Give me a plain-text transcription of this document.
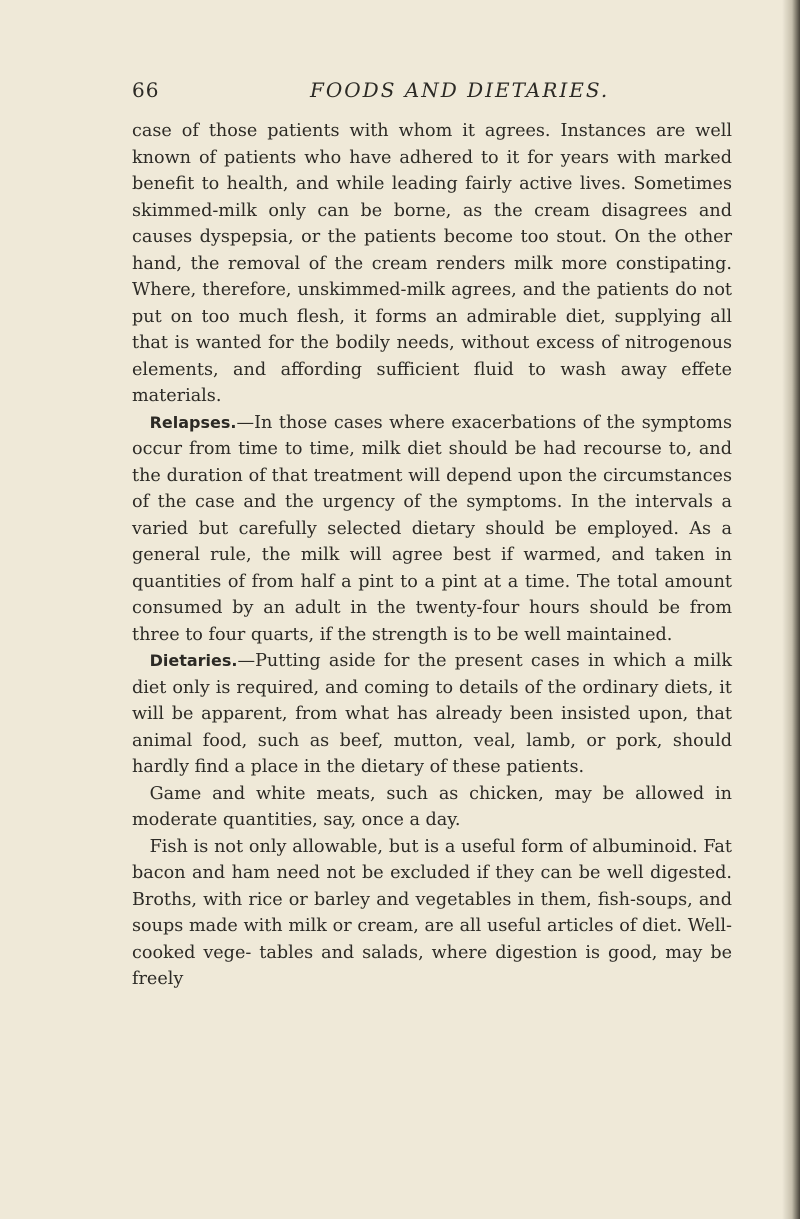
66	FOODS AND DIETARIES.

case of those patients with whom it agrees. Instances are well known of patients who have adhered to it for years with marked benefit to health, and while leading fairly active lives. Sometimes skimmed-milk only can be borne, as the cream disagrees and causes dyspepsia, or the patients become too stout. On the other hand, the removal of the cream renders milk more constipating. Where, therefore, unskimmed-milk agrees, and the patients do not put on too much flesh, it forms an admirable diet, supplying all that is wanted for the bodily needs, without excess of nitrogenous elements, and affording sufficient fluid to wash away effete materials.

Relapses.—In those cases where exacerbations of the symptoms occur from time to time, milk diet should be had recourse to, and the duration of that treatment will depend upon the circumstances of the case and the urgency of the symptoms. In the intervals a varied but carefully selected dietary should be employed. As a general rule, the milk will agree best if warmed, and taken in quantities of from half a pint to a pint at a time. The total amount consumed by an adult in the twenty-four hours should be from three to four quarts, if the strength is to be well maintained.

Dietaries.—Putting aside for the present cases in which a milk diet only is required, and coming to details of the ordinary diets, it will be apparent, from what has already been insisted upon, that animal food, such as beef, mutton, veal, lamb, or pork, should hardly find a place in the dietary of these patients.

Game and white meats, such as chicken, may be allowed in moderate quantities, say, once a day.

Fish is not only allowable, but is a useful form of albuminoid. Fat bacon and ham need not be excluded if they can be well digested. Broths, with rice or barley and vegetables in them, fish-soups, and soups made with milk or cream, are all useful articles of diet. Well-cooked vege- tables and salads, where digestion is good, may be freely
